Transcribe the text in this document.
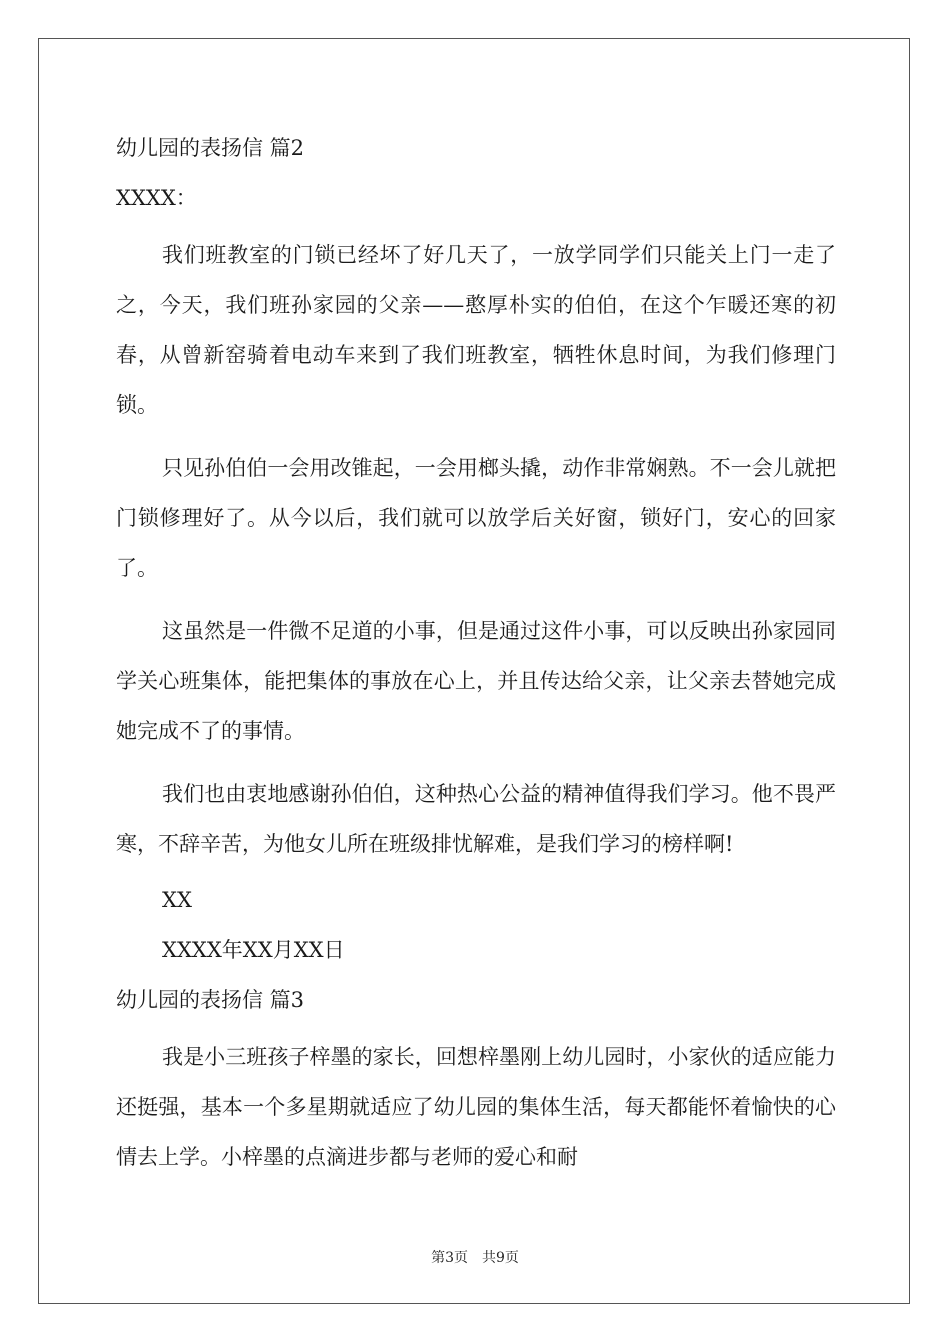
幼儿园的表扬信 篇2
XXXX：
我们班教室的门锁已经坏了好几天了，一放学同学们只能关上门一走了之，今天，我们班孙家园的父亲——憨厚朴实的伯伯，在这个乍暖还寒的初春，从曾新窑骑着电动车来到了我们班教室，牺牲休息时间，为我们修理门锁。
只见孙伯伯一会用改锥起，一会用榔头撬，动作非常娴熟。不一会儿就把门锁修理好了。从今以后，我们就可以放学后关好窗，锁好门，安心的回家了。
这虽然是一件微不足道的小事，但是通过这件小事，可以反映出孙家园同学关心班集体，能把集体的事放在心上，并且传达给父亲，让父亲去替她完成她完成不了的事情。
我们也由衷地感谢孙伯伯，这种热心公益的精神值得我们学习。他不畏严寒，不辞辛苦，为他女儿所在班级排忧解难，是我们学习的榜样啊!
XX
XXXX年XX月XX日
幼儿园的表扬信 篇3
我是小三班孩子梓墨的家长，回想梓墨刚上幼儿园时，小家伙的适应能力还挺强，基本一个多星期就适应了幼儿园的集体生活，每天都能怀着愉快的心情去上学。小梓墨的点滴进步都与老师的爱心和耐
第3页 共9页
